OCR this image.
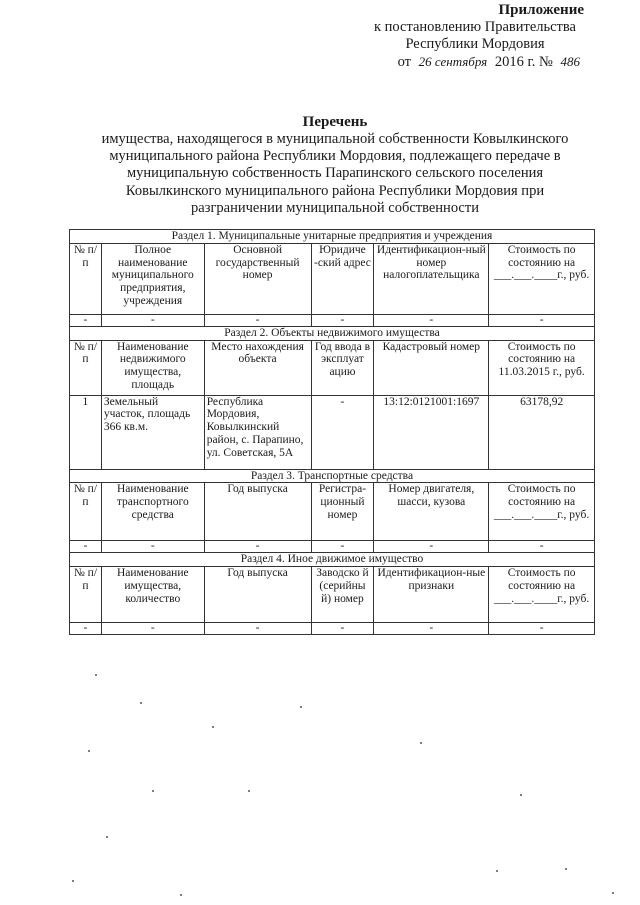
Приложение
к постановлению Правительства
Республики Мордовия
от 26 сентября 2016 г. № 486
Перечень
имущества, находящегося в муниципальной собственности Ковылкинского
муниципального района Республики Мордовия, подлежащего передаче в
муниципальную собственность Парапинского сельского поселения
Ковылкинского муниципального района Республики Мордовия при
разграничении муниципальной собственности
Раздел 1. Муниципальные унитарные предприятия и учреждения					
№ п/п	Полное наименование муниципального предприятия, учреждения	Основной государственный номер	Юридиче -ский адрес	Идентификацион-ный номер налогоплательщика	Стоимость по состоянию на ___.___.____г., руб.
-	-	-	-	-	-
Раздел 2. Объекты недвижимого имущества					
№ п/п	Наименование недвижимого имущества, площадь	Место нахождения объекта	Год ввода в эксплуат ацию	Кадастровый номер	Стоимость по состоянию на 11.03.2015 г., руб.
1	Земельный участок, площадь 366 кв.м.	Республика Мордовия, Ковылкинский район, с. Парапино, ул. Советская, 5А	-	13:12:0121001:1697	63178,92
Раздел 3. Транспортные средства					
№ п/п	Наименование транспортного средства	Год выпуска	Регистра-ционный номер	Номер двигателя, шасси, кузова	Стоимость по состоянию на ___.___.____г., руб.
-	-	-	-	-	-
Раздел 4. Иное движимое имущество					
№ п/п	Наименование имущества, количество	Год выпуска	Заводско й (серийны й) номер	Идентификацион-ные признаки	Стоимость по состоянию на ___.___.____г., руб.
-	-	-	-	-	-
